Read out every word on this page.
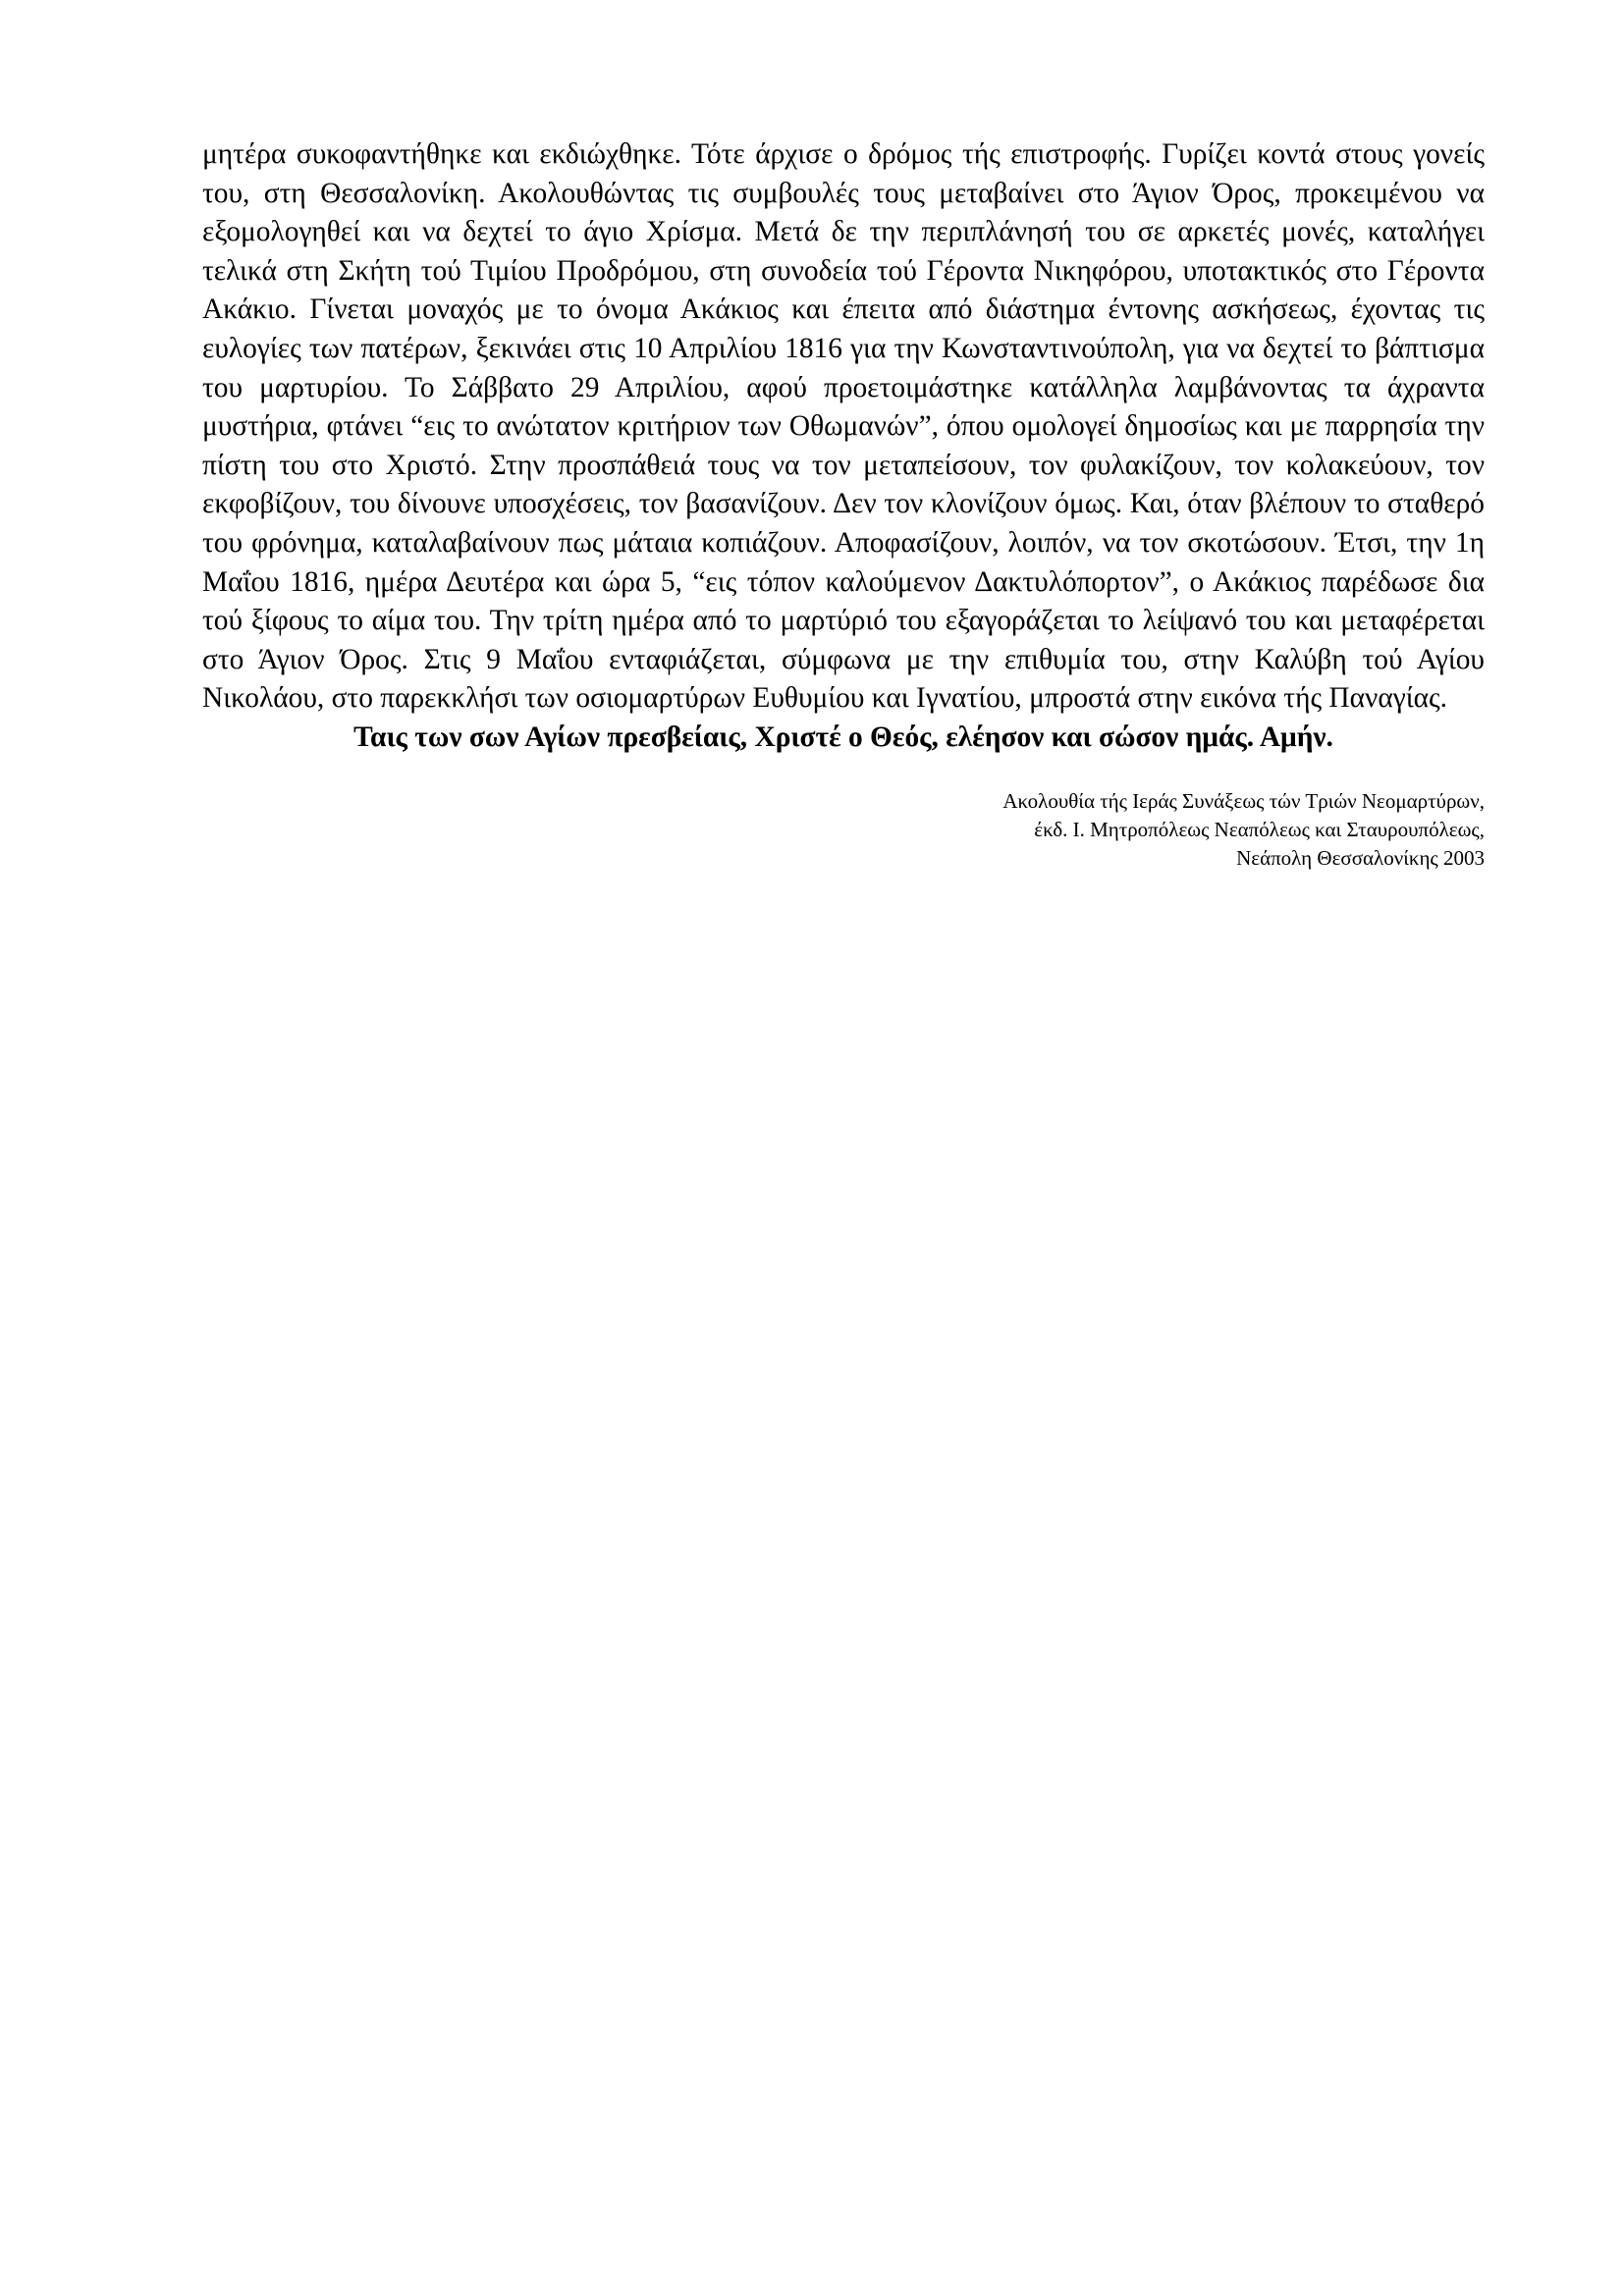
μητέρα συκοφαντήθηκε και εκδιώχθηκε. Τότε άρχισε ο δρόμος τής επιστροφής. Γυρίζει κοντά στους γονείς του, στη Θεσσαλονίκη. Ακολουθώντας τις συμβουλές τους μεταβαίνει στο Άγιον Όρος, προκειμένου να εξομολογηθεί και να δεχτεί το άγιο Χρίσμα. Μετά δε την περιπλάνησή του σε αρκετές μονές, καταλήγει τελικά στη Σκήτη τού Τιμίου Προδρόμου, στη συνοδεία τού Γέροντα Νικηφόρου, υποτακτικός στο Γέροντα Ακάκιο. Γίνεται μοναχός με το όνομα Ακάκιος και έπειτα από διάστημα έντονης ασκήσεως, έχοντας τις ευλογίες των πατέρων, ξεκινάει στις 10 Απριλίου 1816 για την Κωνσταντινούπολη, για να δεχτεί το βάπτισμα του μαρτυρίου. Το Σάββατο 29 Απριλίου, αφού προετοιμάστηκε κατάλληλα λαμβάνοντας τα άχραντα μυστήρια, φτάνει “εις το ανώτατον κριτήριον των Οθωμανών”, όπου ομολογεί δημοσίως και με παρρησία την πίστη του στο Χριστό. Στην προσπάθειά τους να τον μεταπείσουν, τον φυλακίζουν, τον κολακεύουν, τον εκφοβίζουν, του δίνουνε υποσχέσεις, τον βασανίζουν. Δεν τον κλονίζουν όμως. Και, όταν βλέπουν το σταθερό του φρόνημα, καταλαβαίνουν πως μάταια κοπιάζουν. Αποφασίζουν, λοιπόν, να τον σκοτώσουν. Έτσι, την 1η Μαΐου 1816, ημέρα Δευτέρα και ώρα 5, “εις τόπον καλούμενον Δακτυλόπορτον”, ο Ακάκιος παρέδωσε δια τού ξίφους το αίμα του. Την τρίτη ημέρα από το μαρτύριό του εξαγοράζεται το λείψανό του και μεταφέρεται στο Άγιον Όρος. Στις 9 Μαΐου ενταφιάζεται, σύμφωνα με την επιθυμία του, στην Καλύβη τού Αγίου Νικολάου, στο παρεκκλήσι των οσιομαρτύρων Ευθυμίου και Ιγνατίου, μπροστά στην εικόνα τής Παναγίας.

Ταις των σων Αγίων πρεσβείαις, Χριστέ ο Θεός, ελέησον και σώσον ημάς. Αμήν.

Ακολουθία τής Ιεράς Συνάξεως τών Τριών Νεομαρτύρων,
έκδ. Ι. Μητροπόλεως Νεαπόλεως και Σταυρουπόλεως,
Νεάπολη Θεσσαλονίκης 2003
